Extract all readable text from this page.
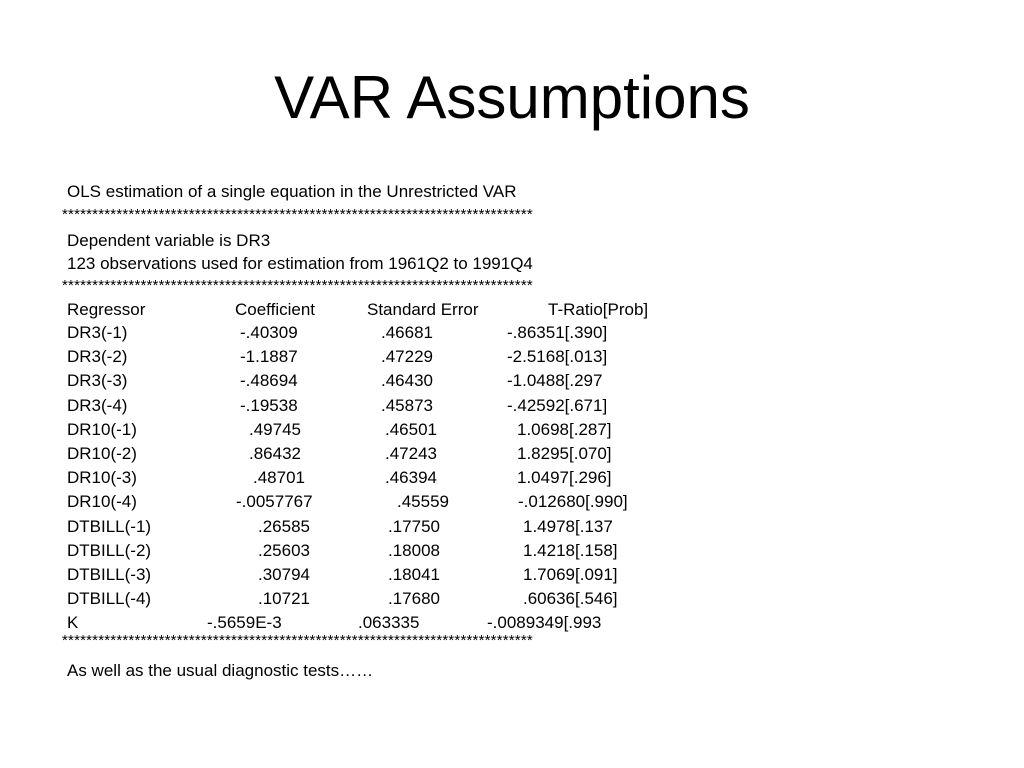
VAR Assumptions
OLS estimation of a single equation in the Unrestricted VAR
******************************************************************************
Dependent variable is DR3
123 observations used for estimation from 1961Q2 to 1991Q4
******************************************************************************
Regressor	Coefficient	Standard Error	T-Ratio[Prob]
DR3(-1)	-.40309	.46681	-.86351[.390]
DR3(-2)	-1.1887	.47229	-2.5168[.013]
DR3(-3)	-.48694	.46430	-1.0488[.297
DR3(-4)	-.19538	.45873	-.42592[.671]
DR10(-1)	.49745	.46501	1.0698[.287]
DR10(-2)	.86432	.47243	1.8295[.070]
DR10(-3)	.48701	.46394	1.0497[.296]
DR10(-4)	-.0057767	.45559	-.012680[.990]
DTBILL(-1)	.26585	.17750	1.4978[.137
DTBILL(-2)	.25603	.18008	1.4218[.158]
DTBILL(-3)	.30794	.18041	1.7069[.091]
DTBILL(-4)	.10721	.17680	.60636[.546]
K	-.5659E-3	.063335	-.0089349[.993
******************************************************************************
As well as the usual diagnostic tests……
